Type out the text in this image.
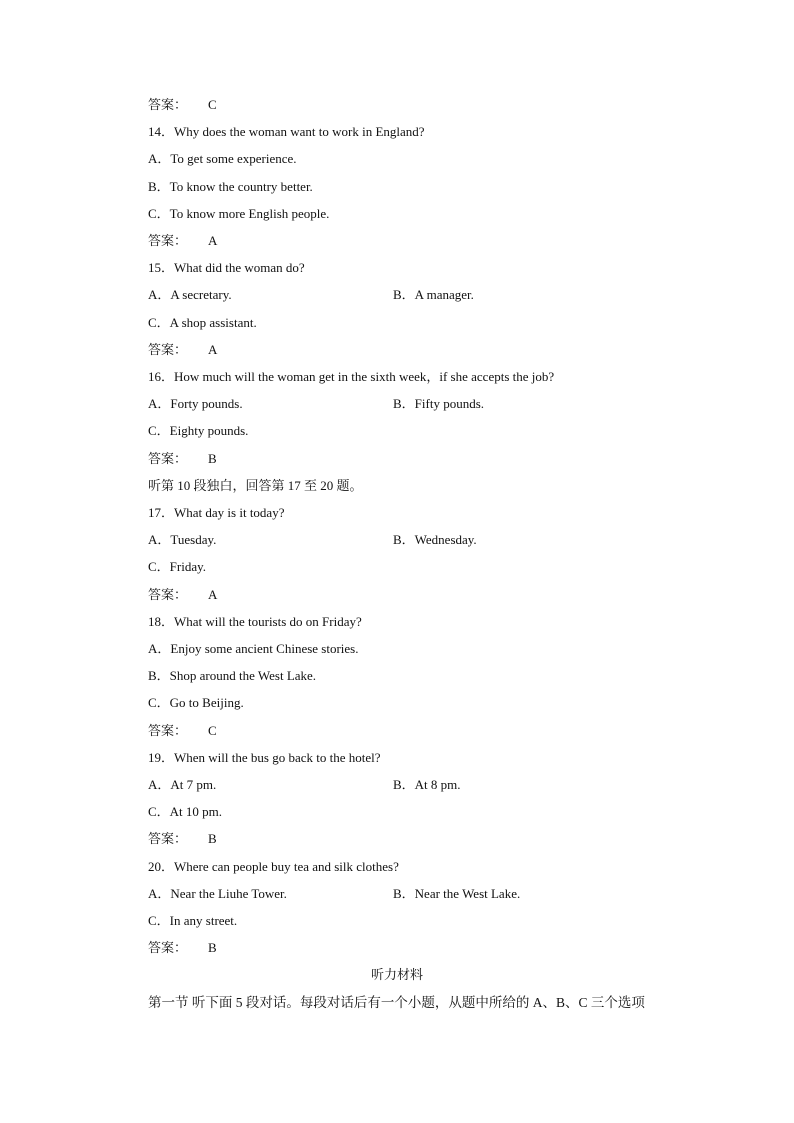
答案： C
14．Why does the woman want to work in England?
A．To get some experience.
B．To know the country better.
C．To know more English people.
答案： A
15．What did the woman do?
A．A secretary.	B．A manager.
C．A shop assistant.
答案： A
16．How much will the woman get in the sixth week，if she accepts the job?
A．Forty pounds.	B．Fifty pounds.
C．Eighty pounds.
答案： B
听第 10 段独白，回答第 17 至 20 题。
17．What day is it today?
A．Tuesday.	B．Wednesday.
C．Friday.
答案： A
18．What will the tourists do on Friday?
A．Enjoy some ancient Chinese stories.
B．Shop around the West Lake.
C．Go to Beijing.
答案： C
19．When will the bus go back to the hotel?
A．At 7 pm.	B．At 8 pm.
C．At 10 pm.
答案： B
20．Where can people buy tea and silk clothes?
A．Near the Liuhe Tower.	B．Near the West Lake.
C．In any street.
答案： B
听力材料
第一节 听下面 5 段对话。每段对话后有一个小题，从题中所给的 A、B、C 三个选项
